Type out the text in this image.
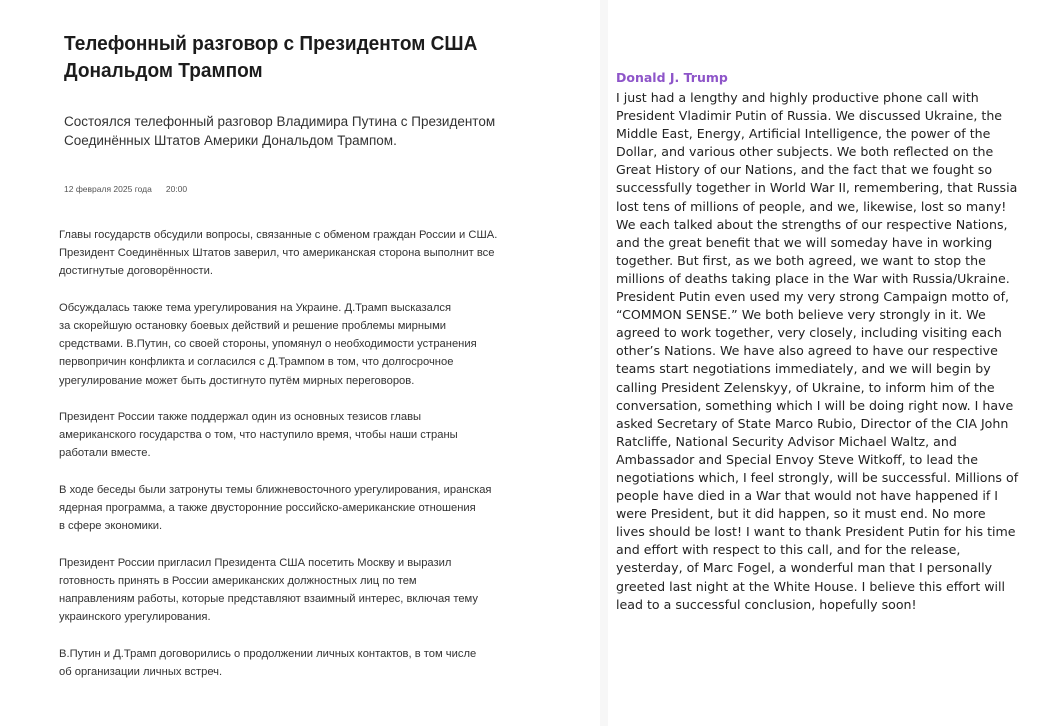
Телефонный разговор с Президентом США
Дональдом Трампом
Состоялся телефонный разговор Владимира Путина с Президентом
Соединённых Штатов Америки Дональдом Трампом.
12 февраля 2025 года 20:00
Главы государств обсудили вопросы, связанные с обменом граждан России и США.
Президент Соединённых Штатов заверил, что американская сторона выполнит все
достигнутые договорённости.
Обсуждалась также тема урегулирования на Украине. Д.Трамп высказался
за скорейшую остановку боевых действий и решение проблемы мирными
средствами. В.Путин, со своей стороны, упомянул о необходимости устранения
первопричин конфликта и согласился с Д.Трампом в том, что долгосрочное
урегулирование может быть достигнуто путём мирных переговоров.
Президент России также поддержал один из основных тезисов главы
американского государства о том, что наступило время, чтобы наши страны
работали вместе.
В ходе беседы были затронуты темы ближневосточного урегулирования, иранская
ядерная программа, а также двусторонние российско-американские отношения
в сфере экономики.
Президент России пригласил Президента США посетить Москву и выразил
готовность принять в России американских должностных лиц по тем
направлениям работы, которые представляют взаимный интерес, включая тему
украинского урегулирования.
В.Путин и Д.Трамп договорились о продолжении личных контактов, в том числе
об организации личных встреч.
Donald J. Trump
I just had a lengthy and highly productive phone call with
President Vladimir Putin of Russia. We discussed Ukraine, the
Middle East, Energy, Artificial Intelligence, the power of the
Dollar, and various other subjects. We both reflected on the
Great History of our Nations, and the fact that we fought so
successfully together in World War II, remembering, that Russia
lost tens of millions of people, and we, likewise, lost so many!
We each talked about the strengths of our respective Nations,
and the great benefit that we will someday have in working
together. But first, as we both agreed, we want to stop the
millions of deaths taking place in the War with Russia/Ukraine.
President Putin even used my very strong Campaign motto of,
“COMMON SENSE.” We both believe very strongly in it. We
agreed to work together, very closely, including visiting each
other’s Nations. We have also agreed to have our respective
teams start negotiations immediately, and we will begin by
calling President Zelenskyy, of Ukraine, to inform him of the
conversation, something which I will be doing right now. I have
asked Secretary of State Marco Rubio, Director of the CIA John
Ratcliffe, National Security Advisor Michael Waltz, and
Ambassador and Special Envoy Steve Witkoff, to lead the
negotiations which, I feel strongly, will be successful. Millions of
people have died in a War that would not have happened if I
were President, but it did happen, so it must end. No more
lives should be lost! I want to thank President Putin for his time
and effort with respect to this call, and for the release,
yesterday, of Marc Fogel, a wonderful man that I personally
greeted last night at the White House. I believe this effort will
lead to a successful conclusion, hopefully soon!
